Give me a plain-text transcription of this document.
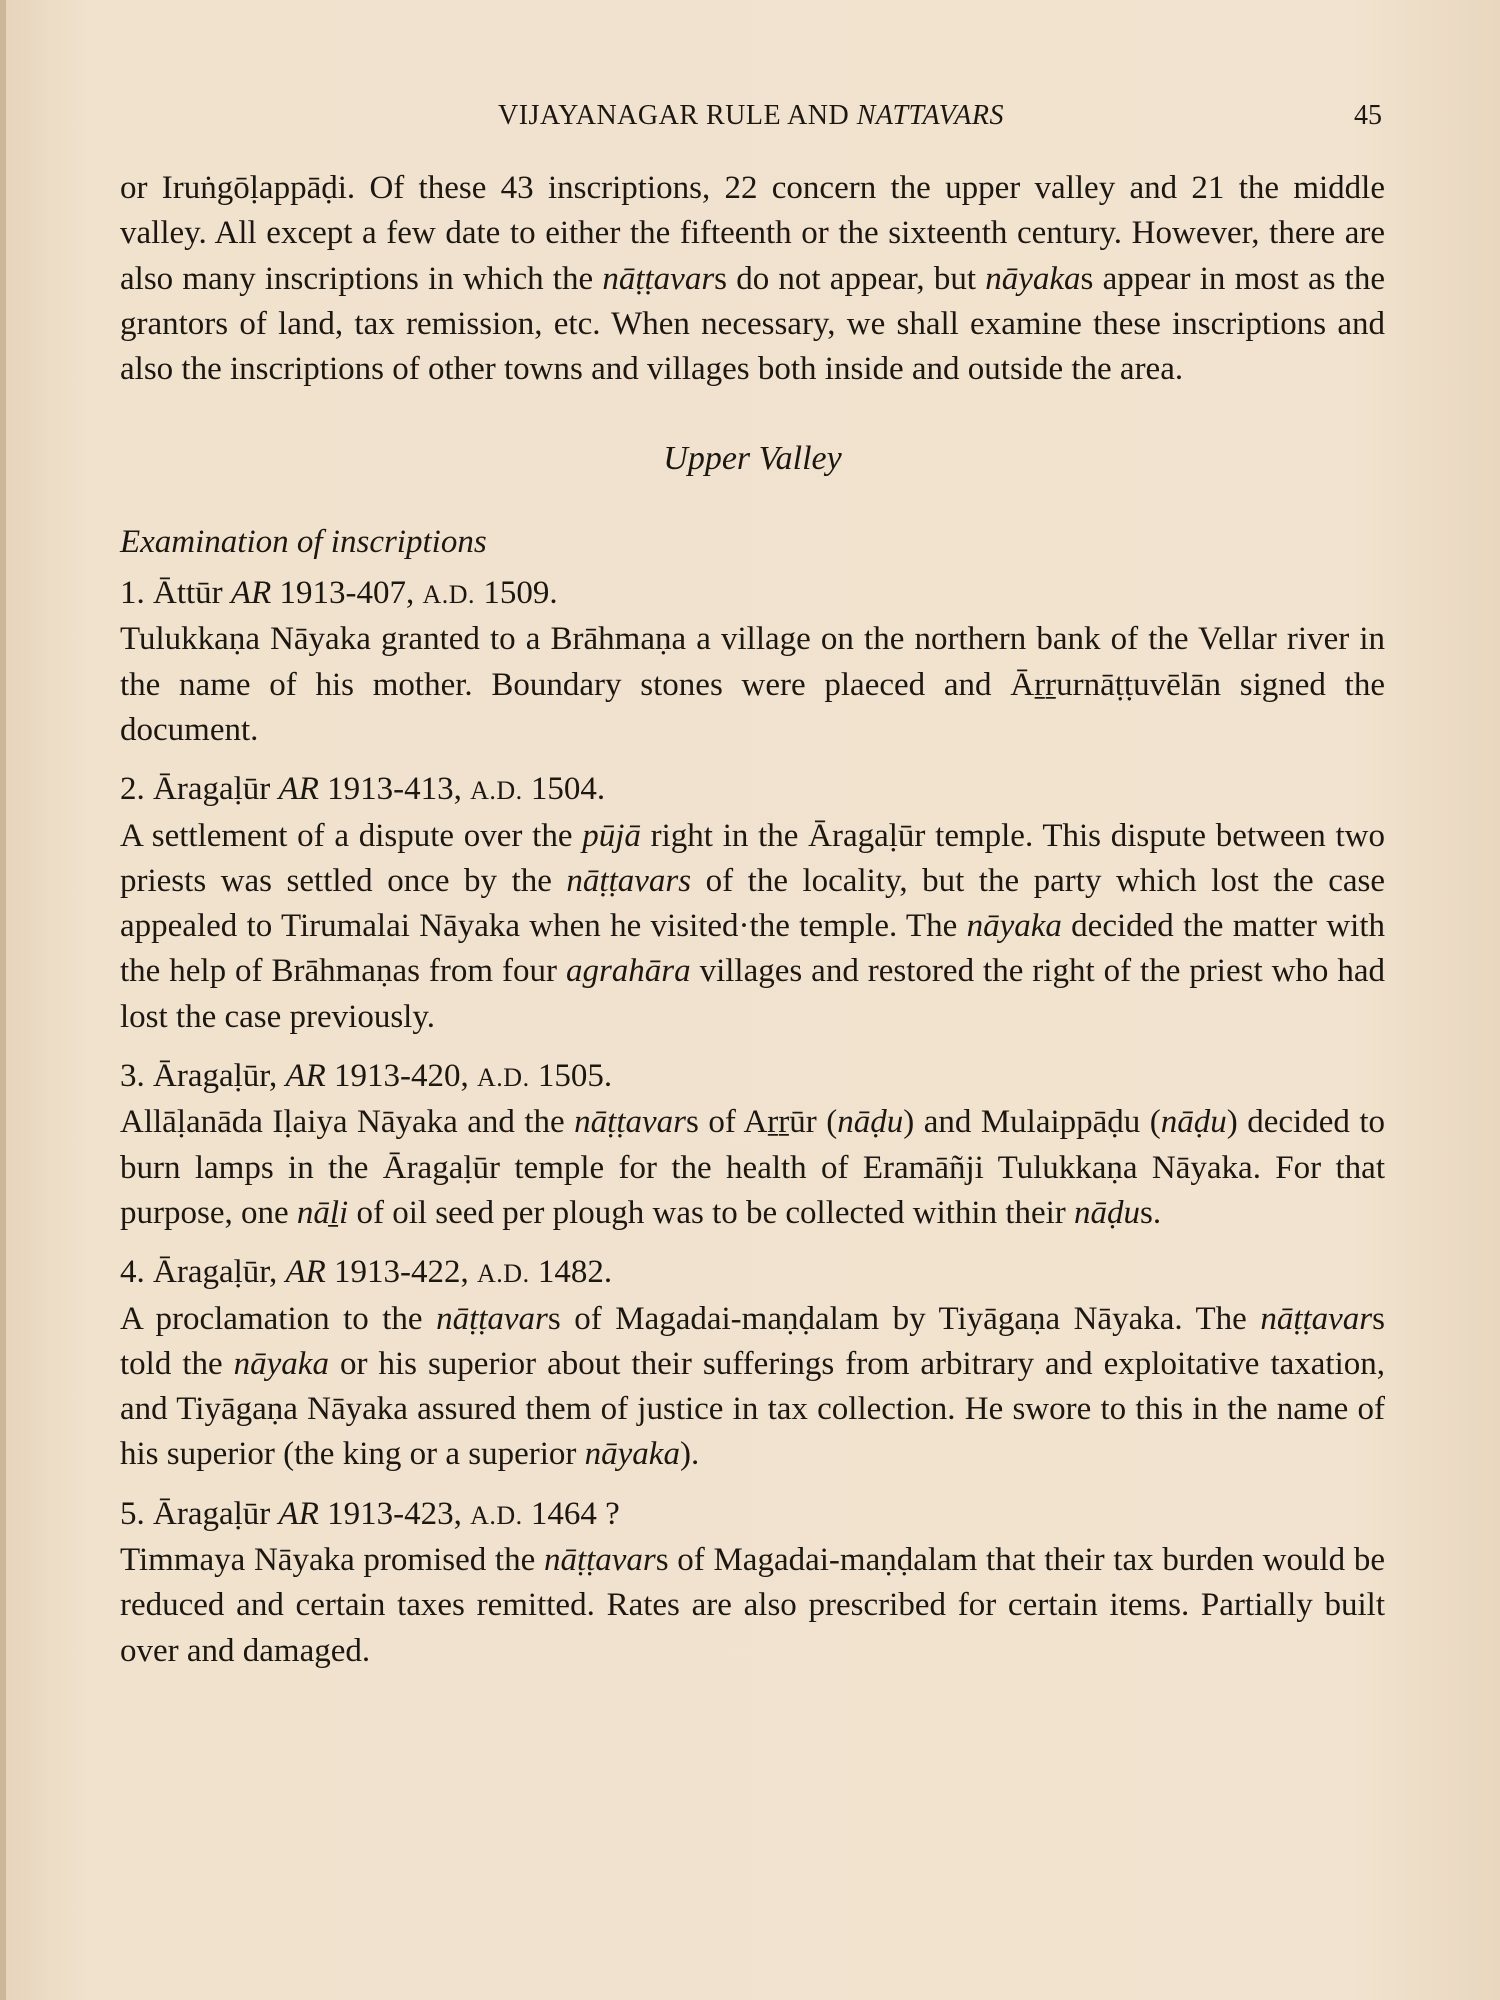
VIJAYANAGAR RULE AND NATTAVARS	45

or Iruṅgōḷappāḍi. Of these 43 inscriptions, 22 concern the upper valley and 21 the middle valley. All except a few date to either the fifteenth or the sixteenth century. However, there are also many inscriptions in which the nāṭṭavars do not appear, but nāyakas appear in most as the grantors of land, tax remission, etc. When necessary, we shall examine these inscriptions and also the inscriptions of other towns and villages both inside and outside the area.

Upper Valley
Examination of inscriptions

1. Āttūr AR 1913-407, A.D. 1509.

Tulukkaṇa Nāyaka granted to a Brāhmaṇa a village on the northern bank of the Vellar river in the name of his mother. Boundary stones were plaeced and Āṟṟurnāṭṭuvēlān signed the document.

2. Āragaḷūr AR 1913-413, A.D. 1504.

A settlement of a dispute over the pūjā right in the Āragaḷūr temple. This dispute between two priests was settled once by the nāṭṭavars of the locality, but the party which lost the case appealed to Tirumalai Nāyaka when he visited·the temple. The nāyaka decided the matter with the help of Brāhmaṇas from four agrahāra villages and restored the right of the priest who had lost the case previously.

3. Āragaḷūr, AR 1913-420, A.D. 1505.

Allāḷanāda Iḷaiya Nāyaka and the nāṭṭavars of Aṟṟūr (nāḍu) and Mulaippāḍu (nāḍu) decided to burn lamps in the Āragaḷūr temple for the health of Eramāñji Tulukkaṇa Nāyaka. For that purpose, one nāḻi of oil seed per plough was to be collected within their nāḍus.

4. Āragaḷūr, AR 1913-422, A.D. 1482.

A proclamation to the nāṭṭavars of Magadai-maṇḍalam by Tiyāgaṇa Nāyaka. The nāṭṭavars told the nāyaka or his superior about their sufferings from arbitrary and exploitative taxation, and Tiyāgaṇa Nāyaka assured them of justice in tax collection. He swore to this in the name of his superior (the king or a superior nāyaka).

5. Āragaḷūr AR 1913-423, A.D. 1464 ?

Timmaya Nāyaka promised the nāṭṭavars of Magadai-maṇḍalam that their tax burden would be reduced and certain taxes remitted. Rates are also prescribed for certain items. Partially built over and damaged.
